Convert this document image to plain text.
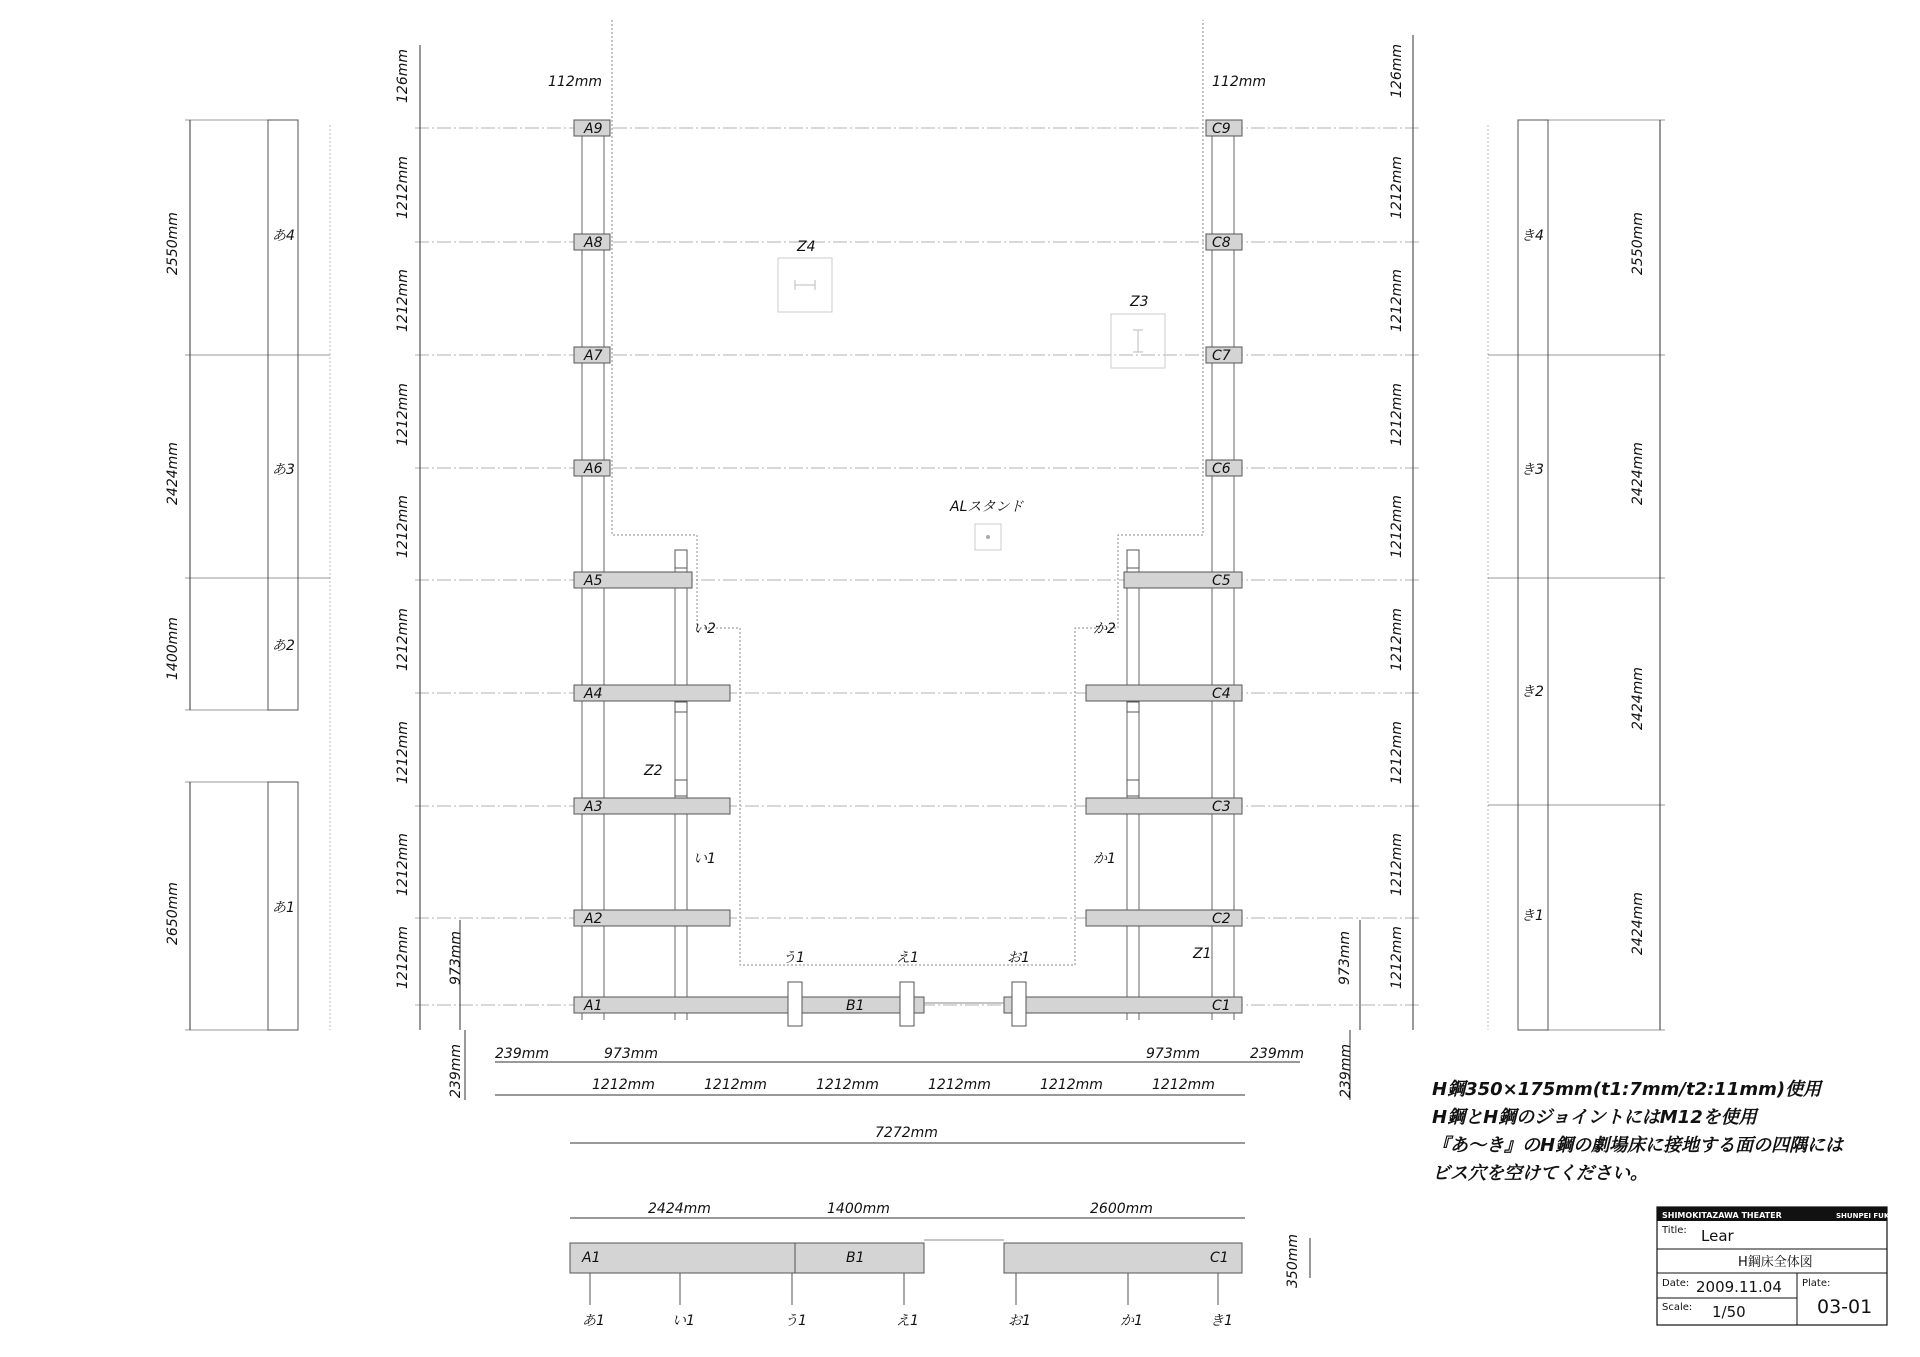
A9
A8
A7
A6
A5
A4
A3
A2
C9
C8
C7
C6
C5
C4
C3
C2
A1	B1	C1
い2
い1
か2
か1
う1	え1	お1
Z4
Z3
ALスタンド
Z2
Z1
1212mm
1212mm
1212mm
1212mm
1212mm
1212mm
1212mm
1212mm
1212mm
1212mm
1212mm
1212mm
1212mm
1212mm
1212mm
1212mm
126mm	126mm
112mm	112mm
あ4
あ3
あ2
あ1
2550mm
2424mm
1400mm
2650mm
き4
き3
き2
き1
2550mm
2424mm
2424mm
2424mm
239mm	973mm	973mm	239mm
239mm	239mm
973mm	973mm
1212mm	1212mm	1212mm	1212mm	1212mm	1212mm
7272mm
2424mm	1400mm	2600mm
A1	B1	C1	350mm
あ1	い1	う1	え1	お1	か1	き1
H鋼350×175mm(t1:7mm/t2:11mm)使用
H鋼とH鋼のジョイントにはM12を使用
『あ～き』のH鋼の劇場床に接地する面の四隅には
ビス穴を空けてください。
SHIMOKITAZAWA THEATER	SHUNPEI FUKUDA
Title: Lear
H鋼床全体図
Date: 2009.11.04 Plate:
Scale: 1/50	03-01
